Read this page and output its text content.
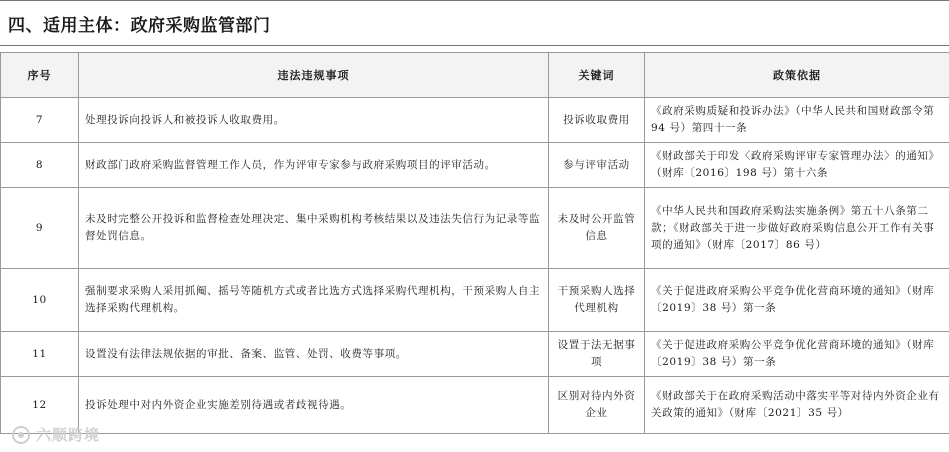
四、适用主体：政府采购监管部门
序号	违法违规事项	关键词	政策依据
7	处理投诉向投诉人和被投诉人收取费用。	投诉收取费用	《政府采购质疑和投诉办法》（中华人民共和国财政部令第 94 号）第四十一条
8	财政部门政府采购监督管理工作人员，作为评审专家参与政府采购项目的评审活动。	参与评审活动	《财政部关于印发〈政府采购评审专家管理办法〉的通知》（财库〔2016〕198 号）第十六条
9	未及时完整公开投诉和监督检查处理决定、集中采购机构考核结果以及违法失信行为记录等监督处罚信息。	未及时公开监管信息	《中华人民共和国政府采购法实施条例》第五十八条第二款；《财政部关于进一步做好政府采购信息公开工作有关事项的通知》（财库〔2017〕86 号）
10	强制要求采购人采用抓阄、摇号等随机方式或者比选方式选择采购代理机构，干预采购人自主选择采购代理机构。	干预采购人选择代理机构	《关于促进政府采购公平竞争优化营商环境的通知》（财库〔2019〕38 号）第一条
11	设置没有法律法规依据的审批、备案、监管、处罚、收费等事项。	设置于法无据事项	《关于促进政府采购公平竞争优化营商环境的通知》（财库〔2019〕38 号）第一条
12	投诉处理中对内外资企业实施差别待遇或者歧视待遇。	区别对待内外资企业	《财政部关于在政府采购活动中落实平等对待内外资企业有关政策的通知》（财库〔2021〕35 号）
六顺跨境
